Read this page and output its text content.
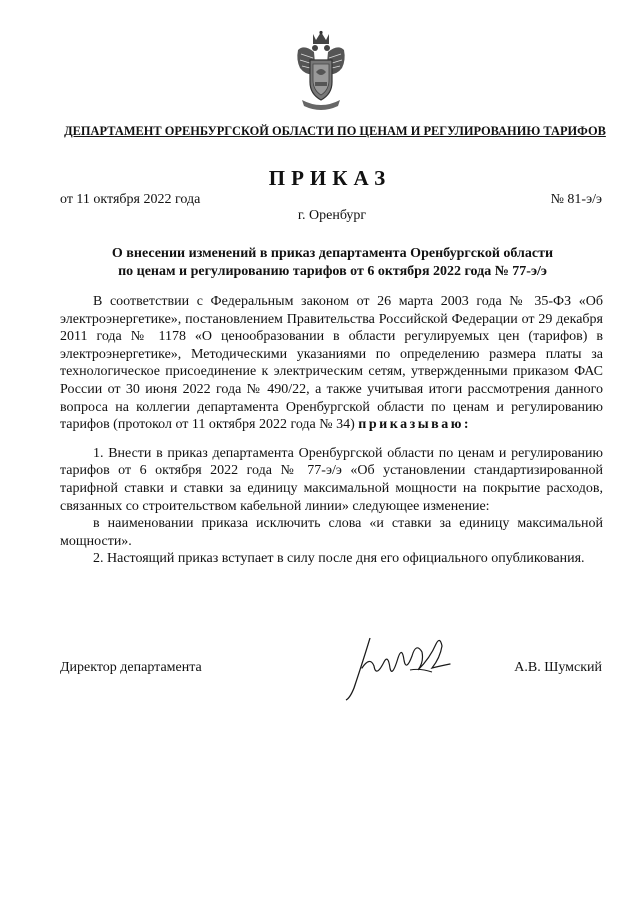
ДЕПАРТАМЕНТ ОРЕНБУРГСКОЙ ОБЛАСТИ ПО ЦЕНАМ И РЕГУЛИРОВАНИЮ ТАРИФОВ
ПРИКАЗ
от 11 октября 2022 года	№ 81-э/э
г. Оренбург
О внесении изменений в приказ департамента Оренбургской области
по ценам и регулированию тарифов от 6 октября 2022 года № 77-э/э

В соответствии с Федеральным законом от 26 марта 2003 года № 35-ФЗ «Об электроэнергетике», постановлением Правительства Российской Федерации от 29 декабря 2011 года № 1178 «О ценообразовании в области регулируемых цен (тарифов) в электроэнергетике», Методическими указаниями по определению размера платы за технологическое присоединение к электрическим сетям, утвержденными приказом ФАС России от 30 июня 2022 года № 490/22, а также учитывая итоги рассмотрения данного вопроса на коллегии департамента Оренбургской области по ценам и регулированию тарифов (протокол от 11 октября 2022 года № 34) приказываю:

1. Внести в приказ департамента Оренбургской области по ценам и регулированию тарифов от 6 октября 2022 года № 77-э/э «Об установлении стандартизированной тарифной ставки и ставки за единицу максимальной мощности на покрытие расходов, связанных со строительством кабельной линии» следующее изменение:

в наименовании приказа исключить слова «и ставки за единицу максимальной мощности».

2. Настоящий приказ вступает в силу после дня его официального опубликования.

Директор департамента	А.В. Шумский
